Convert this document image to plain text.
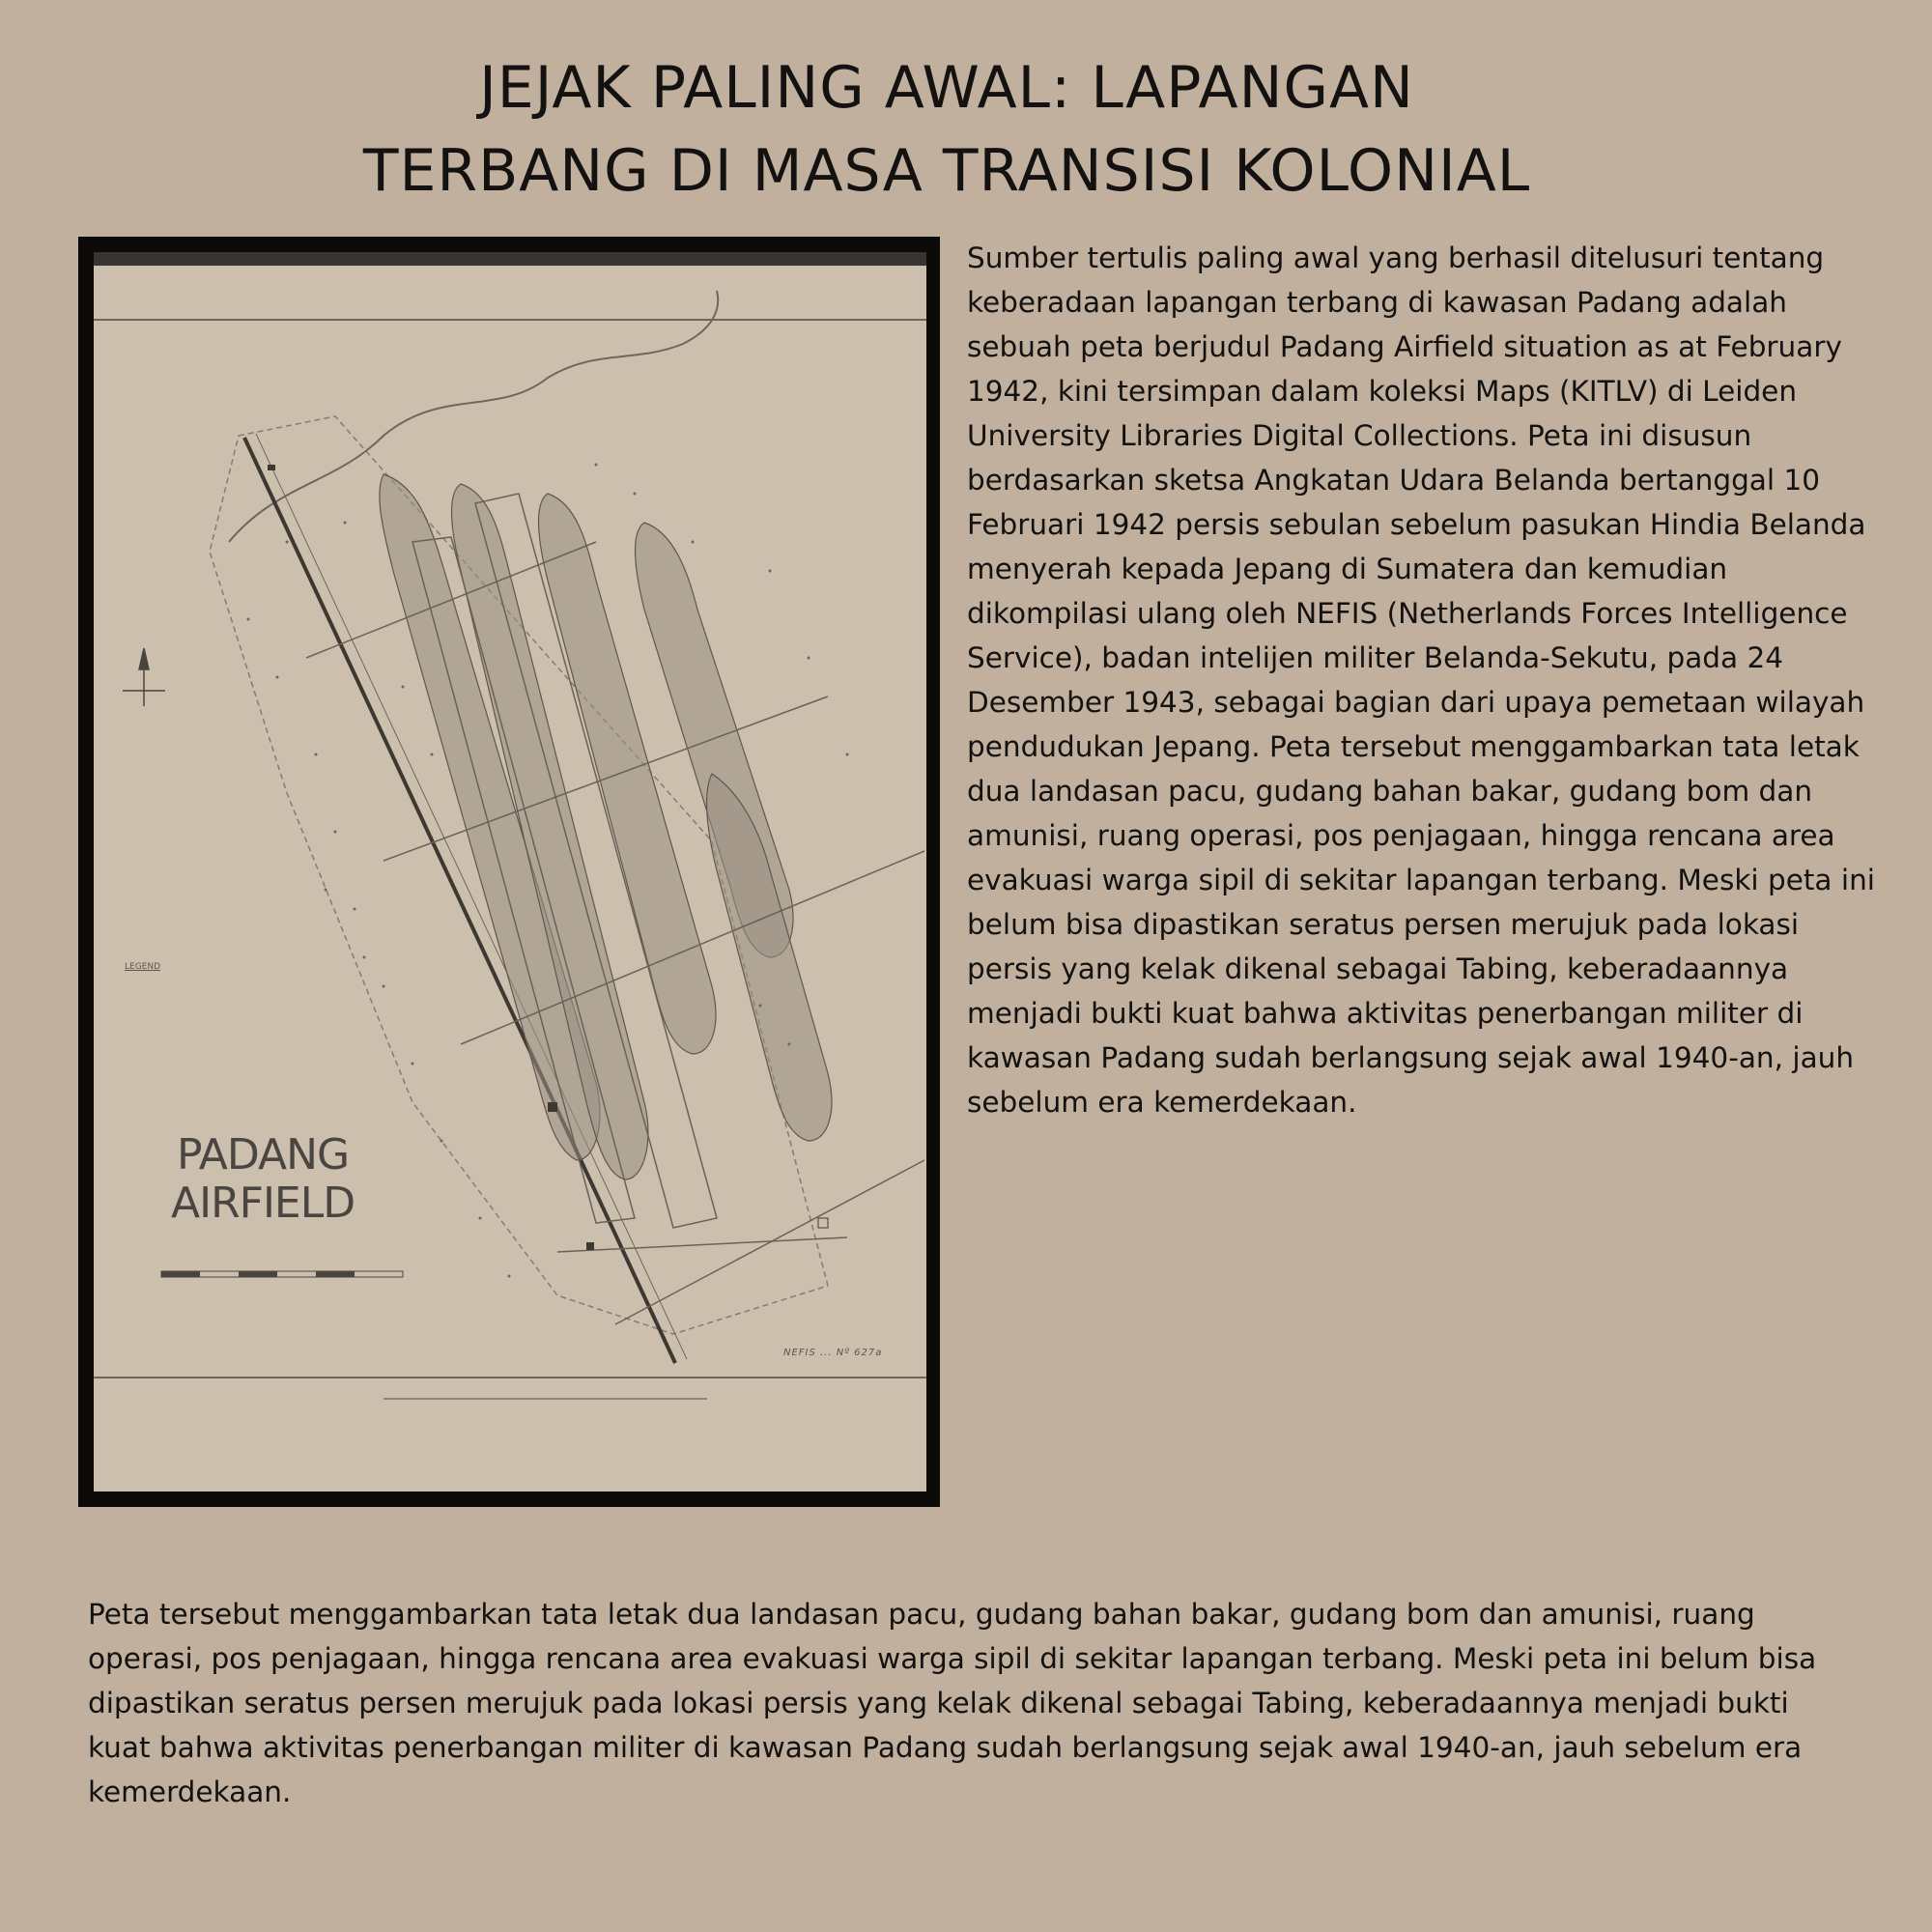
JEJAK PALING AWAL: LAPANGAN
TERBANG DI MASA TRANSISI KOLONIAL
LEGEND
PADANG
AIRFIELD
NEFIS ... Nº 627a

Sumber tertulis paling awal yang berhasil ditelusuri tentang keberadaan lapangan terbang di kawasan Padang adalah sebuah peta berjudul Padang Airfield situation as at February 1942, kini tersimpan dalam koleksi Maps (KITLV) di Leiden University Libraries Digital Collections. Peta ini disusun berdasarkan sketsa Angkatan Udara Belanda bertanggal 10 Februari 1942 persis sebulan sebelum pasukan Hindia Belanda menyerah kepada Jepang di Sumatera dan kemudian dikompilasi ulang oleh NEFIS (Netherlands Forces Intelligence Service), badan intelijen militer Belanda-Sekutu, pada 24 Desember 1943, sebagai bagian dari upaya pemetaan wilayah pendudukan Jepang. Peta tersebut menggambarkan tata letak dua landasan pacu, gudang bahan bakar, gudang bom dan amunisi, ruang operasi, pos penjagaan, hingga rencana area evakuasi warga sipil di sekitar lapangan terbang. Meski peta ini belum bisa dipastikan seratus persen merujuk pada lokasi persis yang kelak dikenal sebagai Tabing, keberadaannya menjadi bukti kuat bahwa aktivitas penerbangan militer di kawasan Padang sudah berlangsung sejak awal 1940-an, jauh sebelum era kemerdekaan.

Peta tersebut menggambarkan tata letak dua landasan pacu, gudang bahan bakar, gudang bom dan amunisi, ruang operasi, pos penjagaan, hingga rencana area evakuasi warga sipil di sekitar lapangan terbang. Meski peta ini belum bisa dipastikan seratus persen merujuk pada lokasi persis yang kelak dikenal sebagai Tabing, keberadaannya menjadi bukti kuat bahwa aktivitas penerbangan militer di kawasan Padang sudah berlangsung sejak awal 1940-an, jauh sebelum era kemerdekaan.
